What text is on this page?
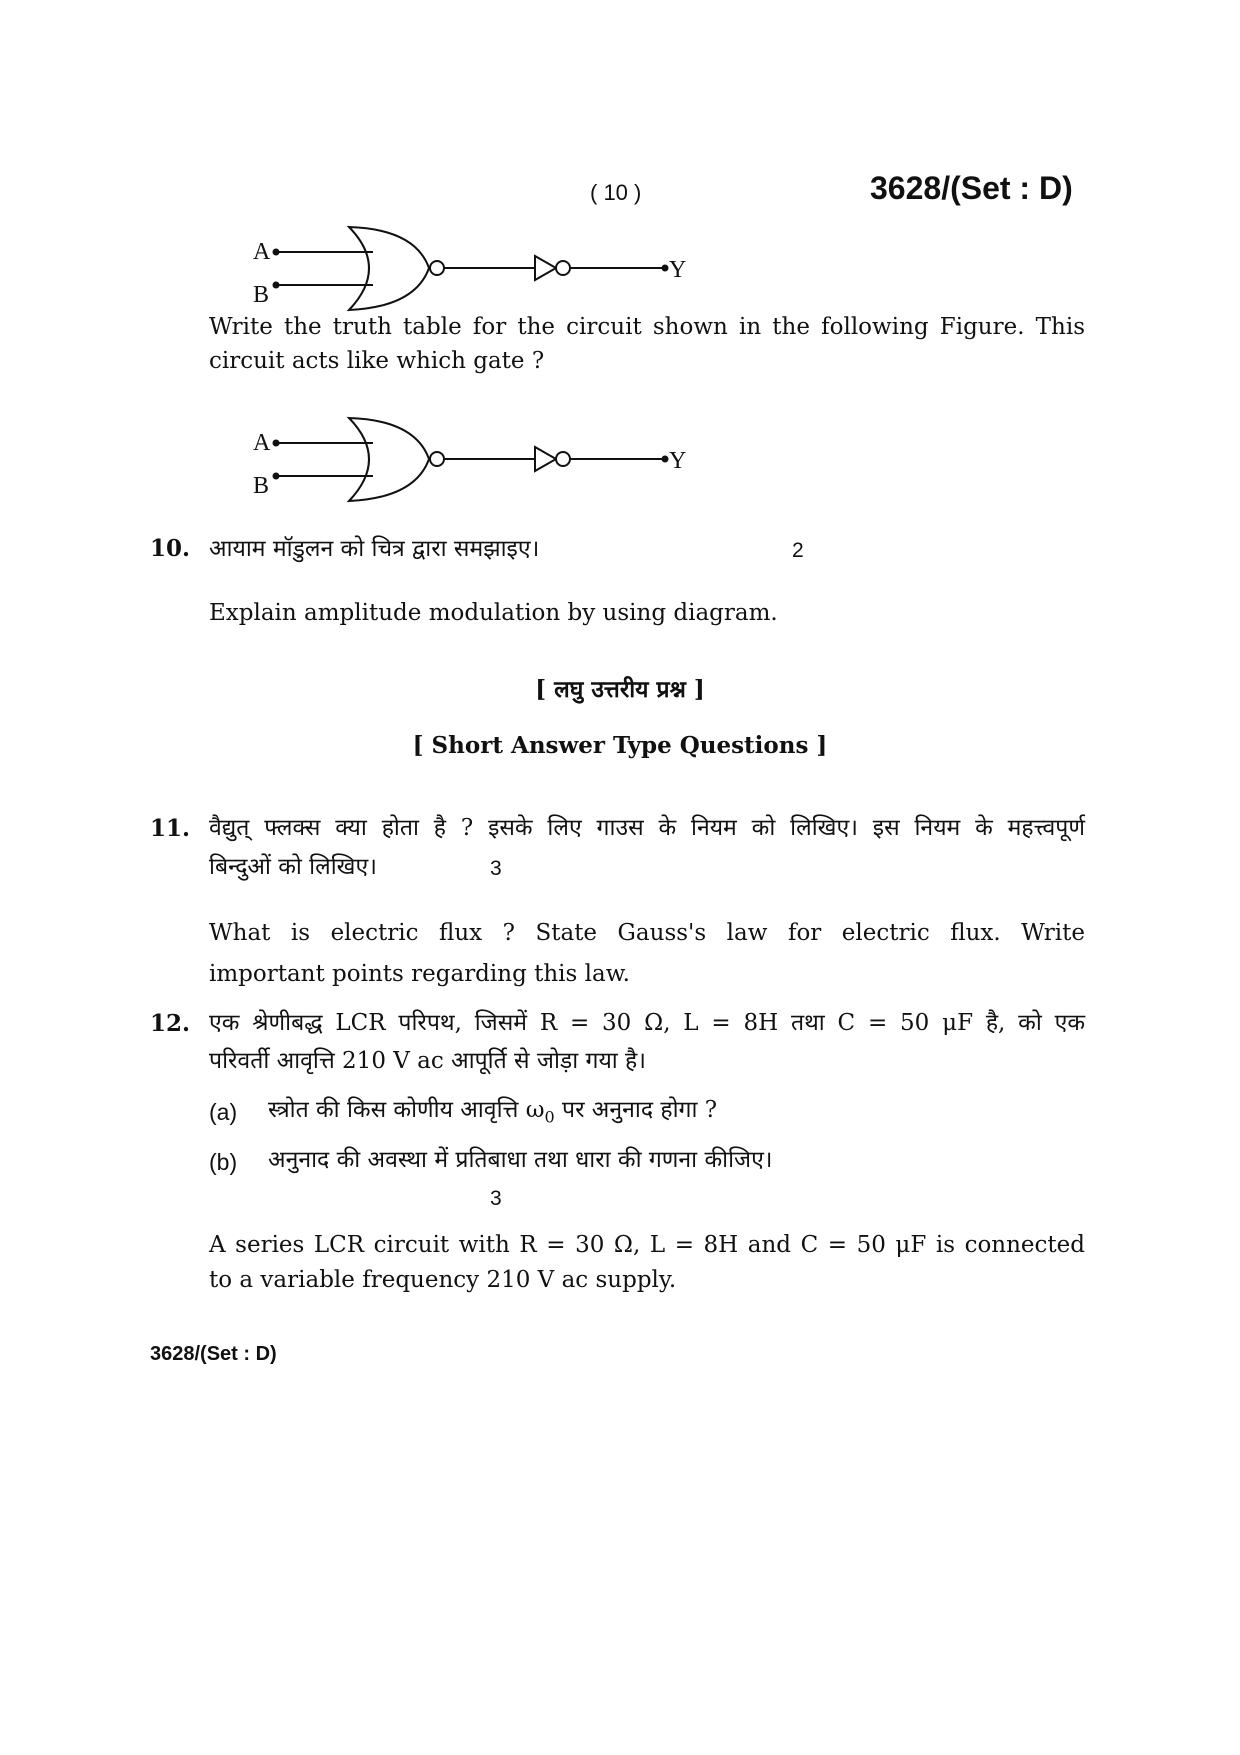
( 10 )	3628/(Set : D)
A
B
Y
Write the truth table for the circuit shown in the following Figure. This
circuit acts like which gate ?
A
B
Y
10. आयाम मॉडुलन को चित्र द्वारा समझाइए।	2
Explain amplitude modulation by using diagram.
[ लघु उत्तरीय प्रश्न ]
[ Short Answer Type Questions ]
11. वैद्युत् फ्लक्स क्या होता है ? इसके लिए गाउस के नियम को लिखिए। इस नियम के महत्त्वपूर्ण
बिन्दुओं को लिखिए।	3
What is electric flux ? State Gauss's law for electric flux. Write
important points regarding this law.
12. एक श्रेणीबद्ध LCR परिपथ, जिसमें R = 30 Ω, L = 8H तथा C = 50 μF है, को एक
परिवर्ती आवृत्ति 210 V ac आपूर्ति से जोड़ा गया है।
(a) स्त्रोत की किस कोणीय आवृत्ति $\omega_0$ पर अनुनाद होगा ?
(b) अनुनाद की अवस्था में प्रतिबाधा तथा धारा की गणना कीजिए।
3
A series LCR circuit with R = 30 Ω, L = 8H and C = 50 μF is connected
to a variable frequency 210 V ac supply.
3628/(Set : D)
